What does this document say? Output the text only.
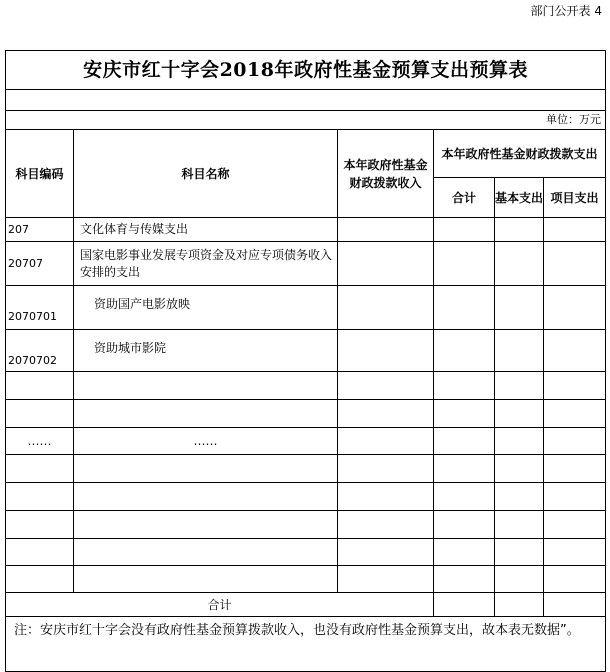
部门公开表 4
安庆市红十字会2018年政府性基金预算支出预算表					

单位：万元					
科目编码	科目名称	本年政府性基金财政拨款收入	本年政府性基金财政拨款支出		
			合计	基本支出	项目支出
207	文化体育与传媒支出				
20707	国家电影事业发展专项资金及对应专项债务收入安排的支出				
2070701	资助国产电影放映				
2070702	资助城市影院				

……	……				

合计					
注：安庆市红十字会没有政府性基金预算拨款收入，也没有政府性基金预算支出，故本表无数据”。					
